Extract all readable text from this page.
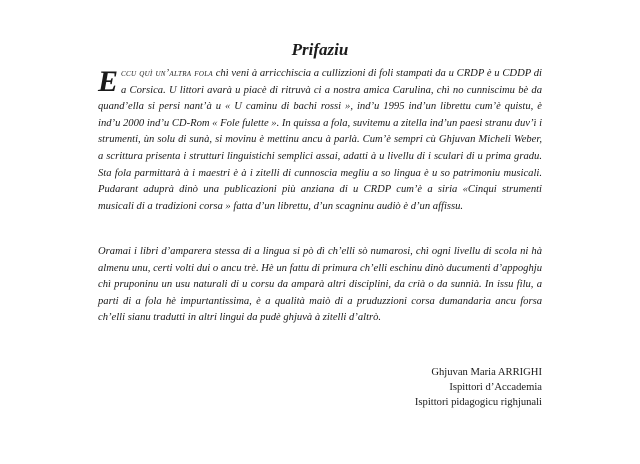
Prifaziu
Eccu quì un’altra fola chì veni à arricchiscia a cullizzioni di foli stampati da u CRDP è u CDDP di a Corsica. U littori avarà u piacè di ritruvà ci a nostra amica Carulina, chì no cunniscimu bè da quand’ella si persi nant’à u « U caminu di bachi rossi », ind’u 1995 ind’un librettu cum’è quistu, è ind’u 2000 ind’u CD-Rom « Fole fulette ». In quissa a fola, suvitemu a zitella ind’un paesi stranu duv’ì i strumenti, ùn solu di sunà, si movinu è mettinu ancu à parlà. Cum’è sempri cù Ghjuvan Micheli Weber, a scrittura prisenta i strutturi linguistichi semplici assai, adatti à u livellu di i sculari di u prima gradu. Sta fola parmittarà à i maestri è à i zitelli di cunnoscia megliu a so lingua è u so patrimoniu musicali. Pudarant aduprà dinò una publicazioni più anziana di u CRDP cum’è a siria «Cinqui strumenti musicali di a tradizioni corsa » fatta d’un librettu, d’un scagninu audiò è d’un affissu.
Oramai i libri d’amparera stessa di a lingua si pò dì ch’elli sò numarosi, chì ogni livellu di scola ni hà almenu unu, certi volti dui o ancu trè. Hè un fattu di primura ch’elli eschinu dinò ducumenti d’appoghju chì pruponinu un usu naturali di u corsu da amparà altri disciplini, da crià o da sunnià. In issu filu, a parti di a fola hè impurtantissima, è a qualità maiò di a pruduzzioni corsa dumandaria ancu forsa ch’elli sianu tradutti in altri lingui da pudè ghjuvà à zitelli d’altrò.
Ghjuvan Maria ARRIGHI
Ispittori d’Accademia
Ispittori pidagogicu righjunali
